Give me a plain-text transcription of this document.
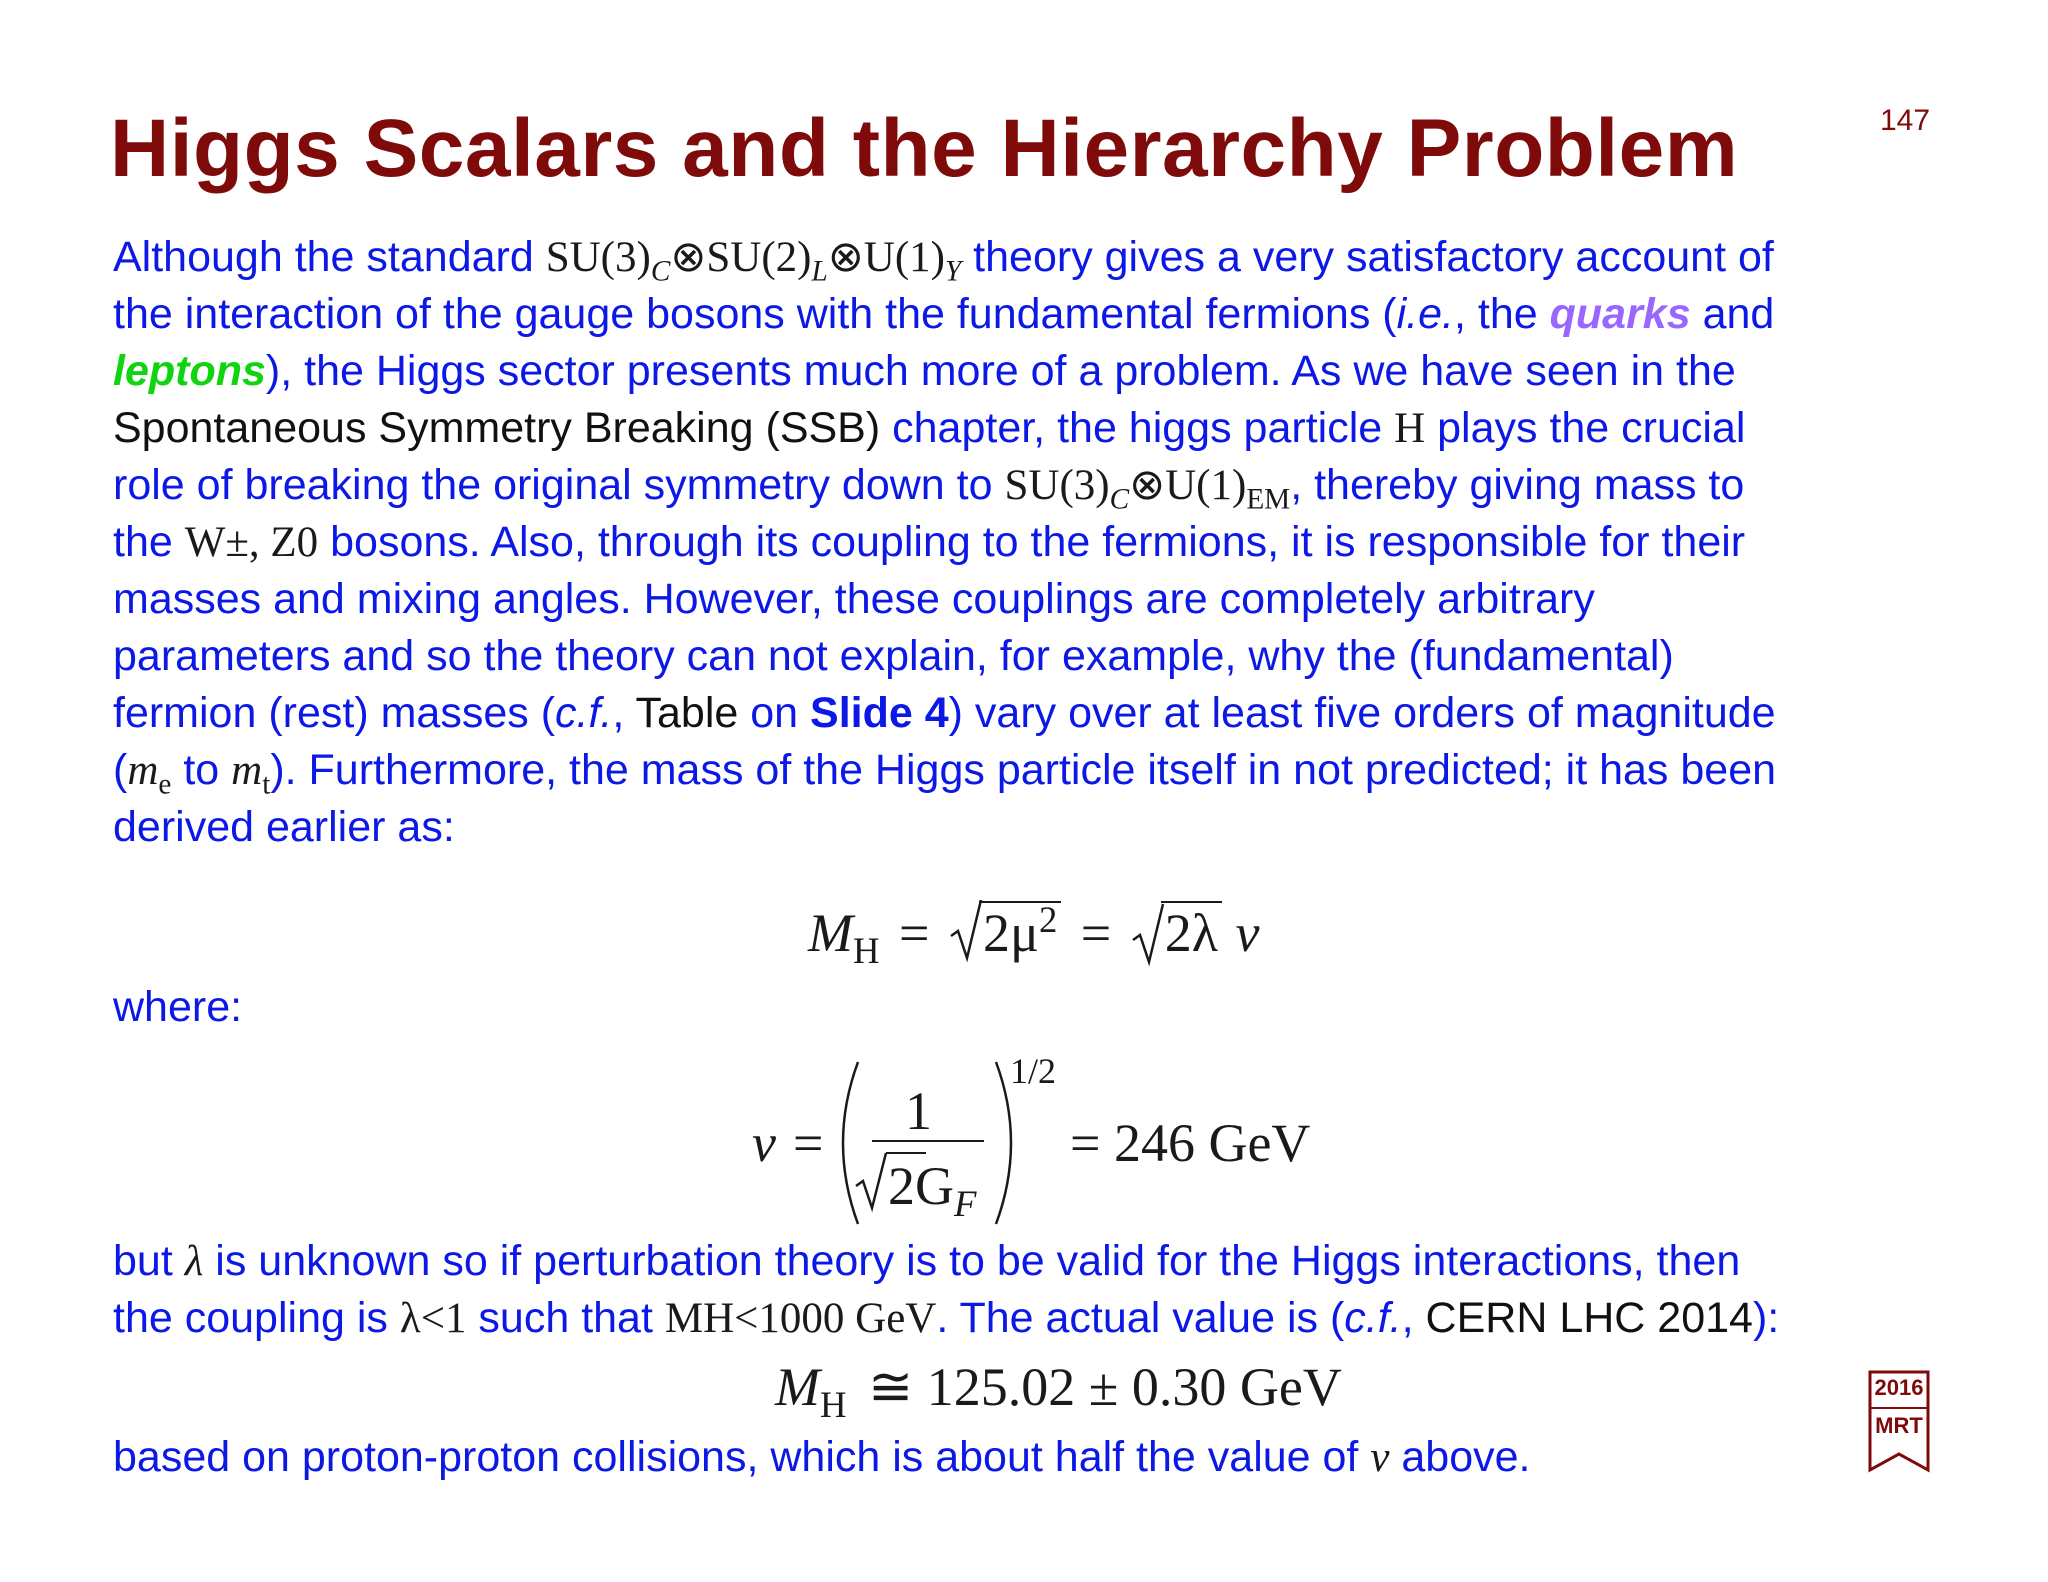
Higgs Scalars and the Hierarchy Problem	147
Although the standard $SU(3)_C\otimes SU(2)_L\otimes U(1)_Y$ theory gives a very satisfactory account of
the interaction of the gauge bosons with the fundamental fermions (i.e., the quarks and
leptons), the Higgs sector presents much more of a problem. As we have seen in the
Spontaneous Symmetry Breaking (SSB) chapter, the higgs particle H plays the crucial
role of breaking the original symmetry down to $SU(3)_C\otimes U(1)_{EM}$, thereby giving mass to
the W±, Z0 bosons. Also, through its coupling to the fermions, it is responsible for their
masses and mixing angles. However, these couplings are completely arbitrary
parameters and so the theory can not explain, for example, why the (fundamental)
fermion (rest) masses (c.f., Table on Slide 4) vary over at least five orders of magnitude
($m_e$ to $m_t$). Furthermore, the mass of the Higgs particle itself in not predicted; it has been
derived earlier as:
$M_H = 2\mu^2 = 2\lambda$ v
where:
v =
1
$2G_F$
1/2
= 246 GeV
but λ is unknown so if perturbation theory is to be valid for the Higgs interactions, then
the coupling is λ<1 such that MH<1000 GeV. The actual value is (c.f., CERN LHC 2014):
$M_H$ ≅ 125.02 ± 0.30 GeV
based on proton-proton collisions, which is about half the value of v above.
2016
MRT
